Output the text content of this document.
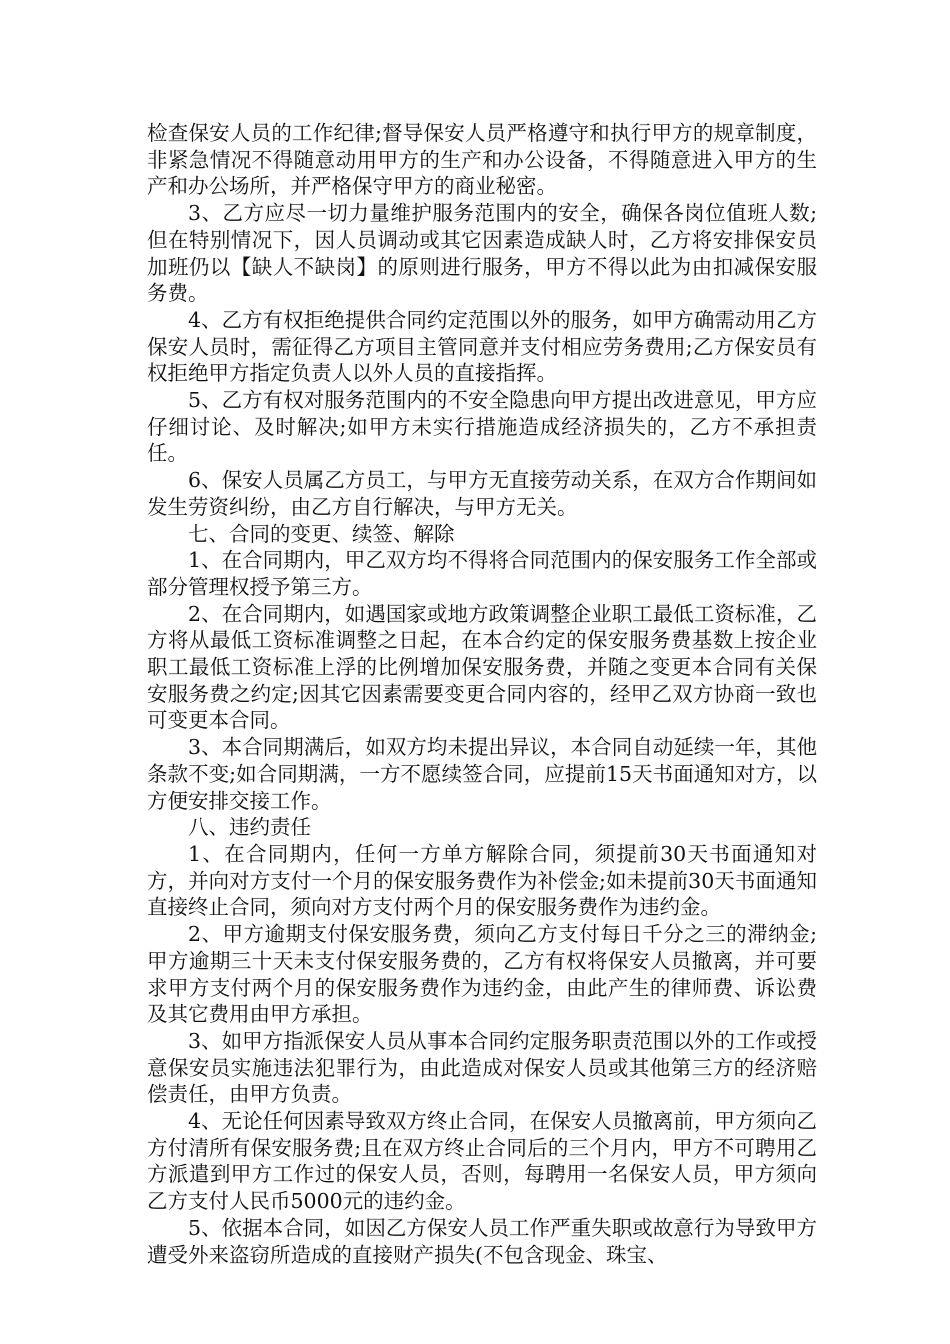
检查保安人员的工作纪律;督导保安人员严格遵守和执行甲方的规章制度，非紧急情况不得随意动用甲方的生产和办公设备，不得随意进入甲方的生产和办公场所，并严格保守甲方的商业秘密。

3、乙方应尽一切力量维护服务范围内的安全，确保各岗位值班人数;但在特别情况下，因人员调动或其它因素造成缺人时，乙方将安排保安员加班仍以【缺人不缺岗】的原则进行服务，甲方不得以此为由扣减保安服务费。

4、乙方有权拒绝提供合同约定范围以外的服务，如甲方确需动用乙方保安人员时，需征得乙方项目主管同意并支付相应劳务费用;乙方保安员有权拒绝甲方指定负责人以外人员的直接指挥。

5、乙方有权对服务范围内的不安全隐患向甲方提出改进意见，甲方应仔细讨论、及时解决;如甲方未实行措施造成经济损失的，乙方不承担责任。

6、保安人员属乙方员工，与甲方无直接劳动关系，在双方合作期间如发生劳资纠纷，由乙方自行解决，与甲方无关。

七、合同的变更、续签、解除

1、在合同期内，甲乙双方均不得将合同范围内的保安服务工作全部或部分管理权授予第三方。

2、在合同期内，如遇国家或地方政策调整企业职工最低工资标准，乙方将从最低工资标准调整之日起，在本合约定的保安服务费基数上按企业职工最低工资标准上浮的比例增加保安服务费，并随之变更本合同有关保安服务费之约定;因其它因素需要变更合同内容的，经甲乙双方协商一致也可变更本合同。

3、本合同期满后，如双方均未提出异议，本合同自动延续一年，其他条款不变;如合同期满，一方不愿续签合同，应提前15天书面通知对方，以方便安排交接工作。

八、违约责任

1、在合同期内，任何一方单方解除合同，须提前30天书面通知对方，并向对方支付一个月的保安服务费作为补偿金;如未提前30天书面通知直接终止合同，须向对方支付两个月的保安服务费作为违约金。

2、甲方逾期支付保安服务费，须向乙方支付每日千分之三的滞纳金;甲方逾期三十天未支付保安服务费的，乙方有权将保安人员撤离，并可要求甲方支付两个月的保安服务费作为违约金，由此产生的律师费、诉讼费及其它费用由甲方承担。

3、如甲方指派保安人员从事本合同约定服务职责范围以外的工作或授意保安员实施违法犯罪行为，由此造成对保安人员或其他第三方的经济赔偿责任，由甲方负责。

4、无论任何因素导致双方终止合同，在保安人员撤离前，甲方须向乙方付清所有保安服务费;且在双方终止合同后的三个月内，甲方不可聘用乙方派遣到甲方工作过的保安人员，否则，每聘用一名保安人员，甲方须向乙方支付人民币5000元的违约金。

5、依据本合同，如因乙方保安人员工作严重失职或故意行为导致甲方遭受外来盗窃所造成的直接财产损失(不包含现金、珠宝、
